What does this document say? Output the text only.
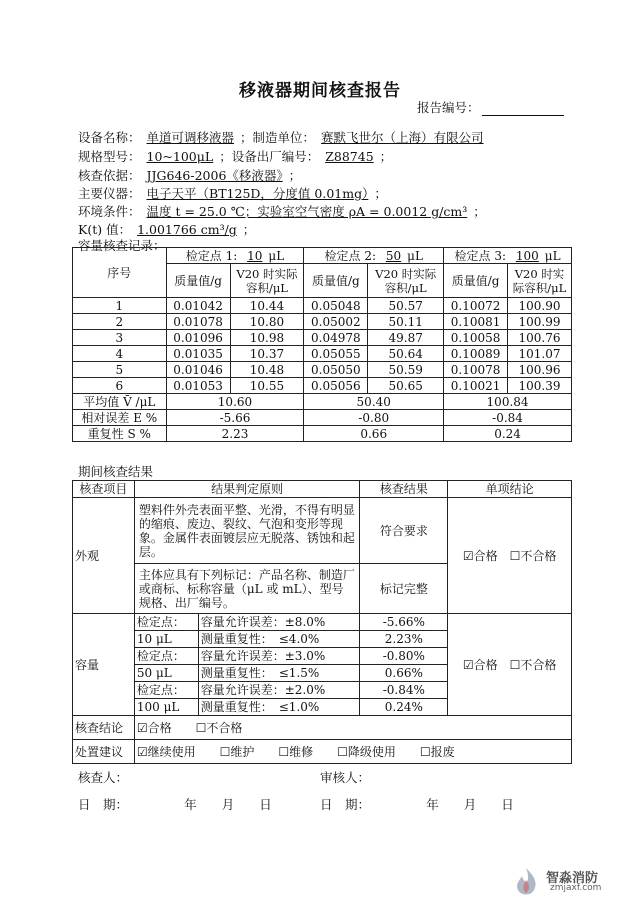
移液器期间核查报告
报告编号：
设备名称： 单道可调移液器 ；制造单位： 赛默飞世尔（上海）有限公司
规格型号： 10~100μL ；设备出厂编号： Z88745 ；
核查依据： JJG646-2006《移液器》 ；
主要仪器： 电子天平（BT125D，分度值 0.01mg） ；
环境条件： 温度 t = 25.0 ℃；实验室空气密度 ρA = 0.0012 g/cm³ ；
K(t) 值： 1.001766 cm³/g ；
容量核查记录：
序号	检定点 1: 10 μL		检定点 2: 50 μL		检定点 3: 100 μL	
	质量值/g	V20 时实际容积/μL	质量值/g	V20 时实际容积/μL	质量值/g	V20 时实际容积/μL
1	0.01042	10.44	0.05048	50.57	0.10072	100.90
2	0.01078	10.80	0.05002	50.11	0.10081	100.99
3	0.01096	10.98	0.04978	49.87	0.10058	100.76
4	0.01035	10.37	0.05055	50.64	0.10089	101.07
5	0.01046	10.48	0.05050	50.59	0.10078	100.96
6	0.01053	10.55	0.05056	50.65	0.10021	100.39
平均值 V̄ /μL	10.60		50.40		100.84	
相对误差 E %	-5.66		-0.80		-0.84	
重复性 S %	2.23		0.66		0.24	
期间核查结果
核查项目	结果判定原则		核查结果	单项结论
外观	塑料件外壳表面平整、光滑，不得有明显的缩痕、废边、裂纹、气泡和变形等现象。金属件表面镀层应无脱落、锈蚀和起层。		符合要求	☑合格　☐不合格
	主体应具有下列标记：产品名称、制造厂或商标、标称容量（μL 或 mL）、型号规格、出厂编号。		标记完整	
容量	检定点：	容量允许误差：±8.0%	-5.66%	☑合格　☐不合格
	10 μL	测量重复性：　≤4.0%	2.23%	
	检定点：	容量允许误差：±3.0%	-0.80%	
	50 μL	测量重复性：　≤1.5%	0.66%	
	检定点：	容量允许误差：±2.0%	-0.84%	
	100 μL	测量重复性：　≤1.0%	0.24%	
核查结论	☑合格　　☐不合格			
处置建议	☑继续使用　　☐维护　　☐维修　　☐降级使用　　☐报废			
核查人：	审核人：
日　期：　　　　　年　　月　　日	日　期：　　　　　年　　月　　日
智淼消防
zmjaxf.com
